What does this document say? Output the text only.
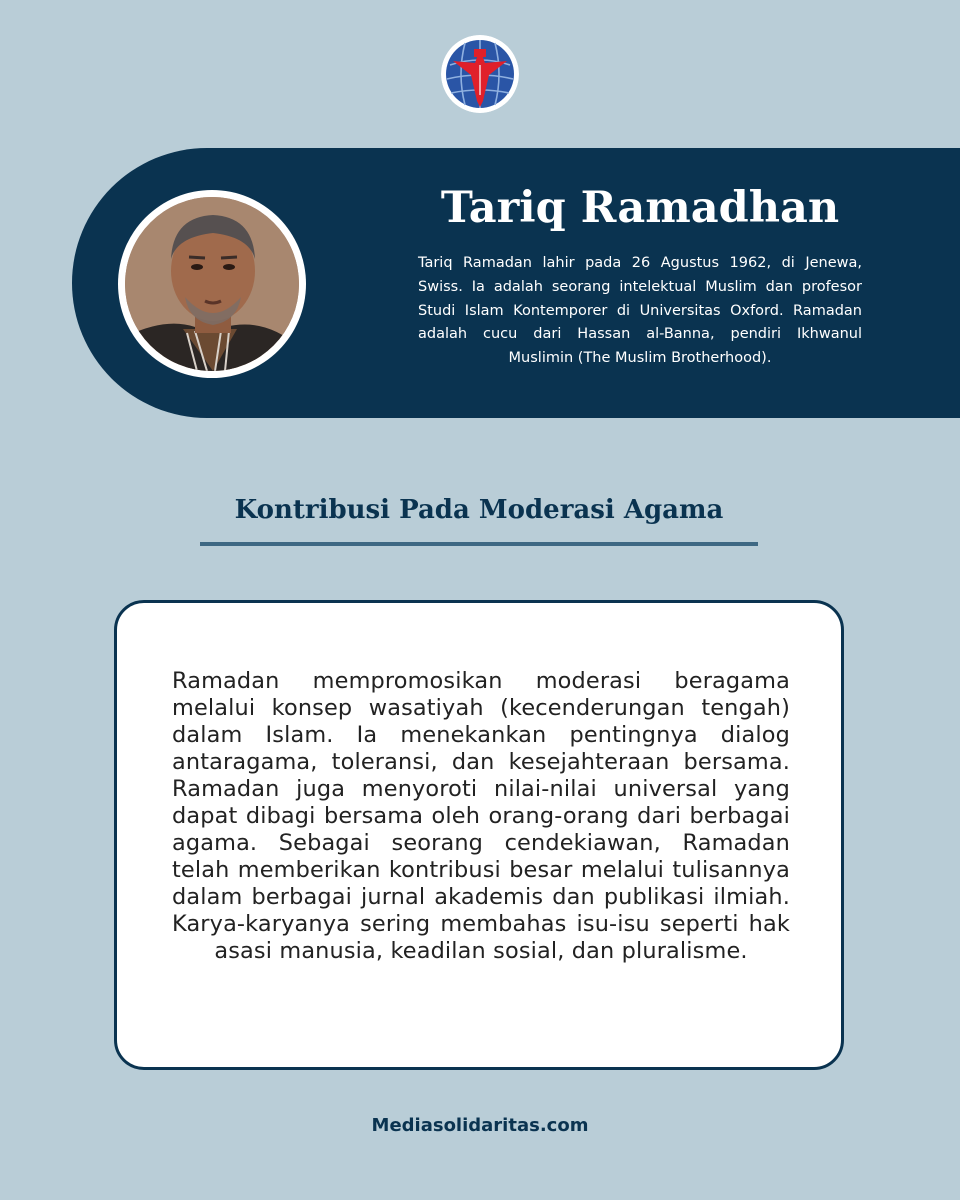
Tariq Ramadhan

Tariq Ramadan lahir pada 26 Agustus 1962, di Jenewa, Swiss. Ia adalah seorang intelektual Muslim dan profesor Studi Islam Kontemporer di Universitas Oxford. Ramadan adalah cucu dari Hassan al-Banna, pendiri Ikhwanul Muslimin (The Muslim Brotherhood).

Kontribusi Pada Moderasi Agama

Ramadan mempromosikan moderasi beragama melalui konsep wasatiyah (kecenderungan tengah) dalam Islam. Ia menekankan pentingnya dialog antaragama, toleransi, dan kesejahteraan bersama. Ramadan juga menyoroti nilai-nilai universal yang dapat dibagi bersama oleh orang-orang dari berbagai agama. Sebagai seorang cendekiawan, Ramadan telah memberikan kontribusi besar melalui tulisannya dalam berbagai jurnal akademis dan publikasi ilmiah. Karya-karyanya sering membahas isu-isu seperti hak asasi manusia, keadilan sosial, dan pluralisme.

Mediasolidaritas.com
